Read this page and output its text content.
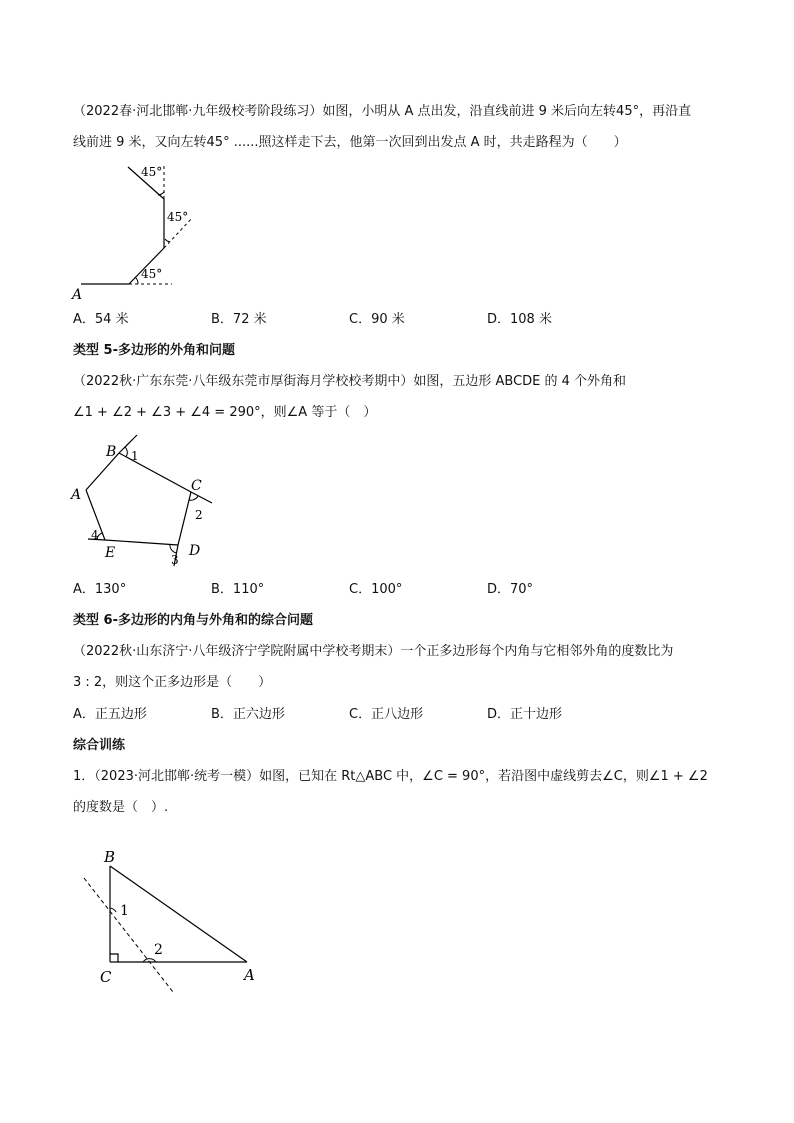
（2022春·河北邯郸·九年级校考阶段练习）如图，小明从 A 点出发，沿直线前进 9 米后向左转45°，再沿直
线前进 9 米，又向左转45° ......照这样走下去，他第一次回到出发点 A 时，共走路程为（　　）
45°
45°
45°
A
A．54 米	B．72 米	C．90 米	D．108 米
类型 5-多边形的外角和问题
（2022秋·广东东莞·八年级东莞市厚街海月学校校考期中）如图，五边形 ABCDE 的 4 个外角和
∠1 + ∠2 + ∠3 + ∠4 = 290°，则∠A 等于（　）
B 1
A
C
2
4
E	D
3
A．130°	B．110°	C．100°	D．70°
类型 6-多边形的内角与外角和的综合问题
（2022秋·山东济宁·八年级济宁学院附属中学校考期末）一个正多边形每个内角与它相邻外角的度数比为
3 : 2，则这个正多边形是（　　）
A．正五边形	B．正六边形	C．正八边形	D．正十边形
综合训练
1．（2023·河北邯郸·统考一模）如图，已知在 Rt△ABC 中，∠C = 90°，若沿图中虚线剪去∠C，则∠1 + ∠2
的度数是（　）.
B
1
2
C	A
